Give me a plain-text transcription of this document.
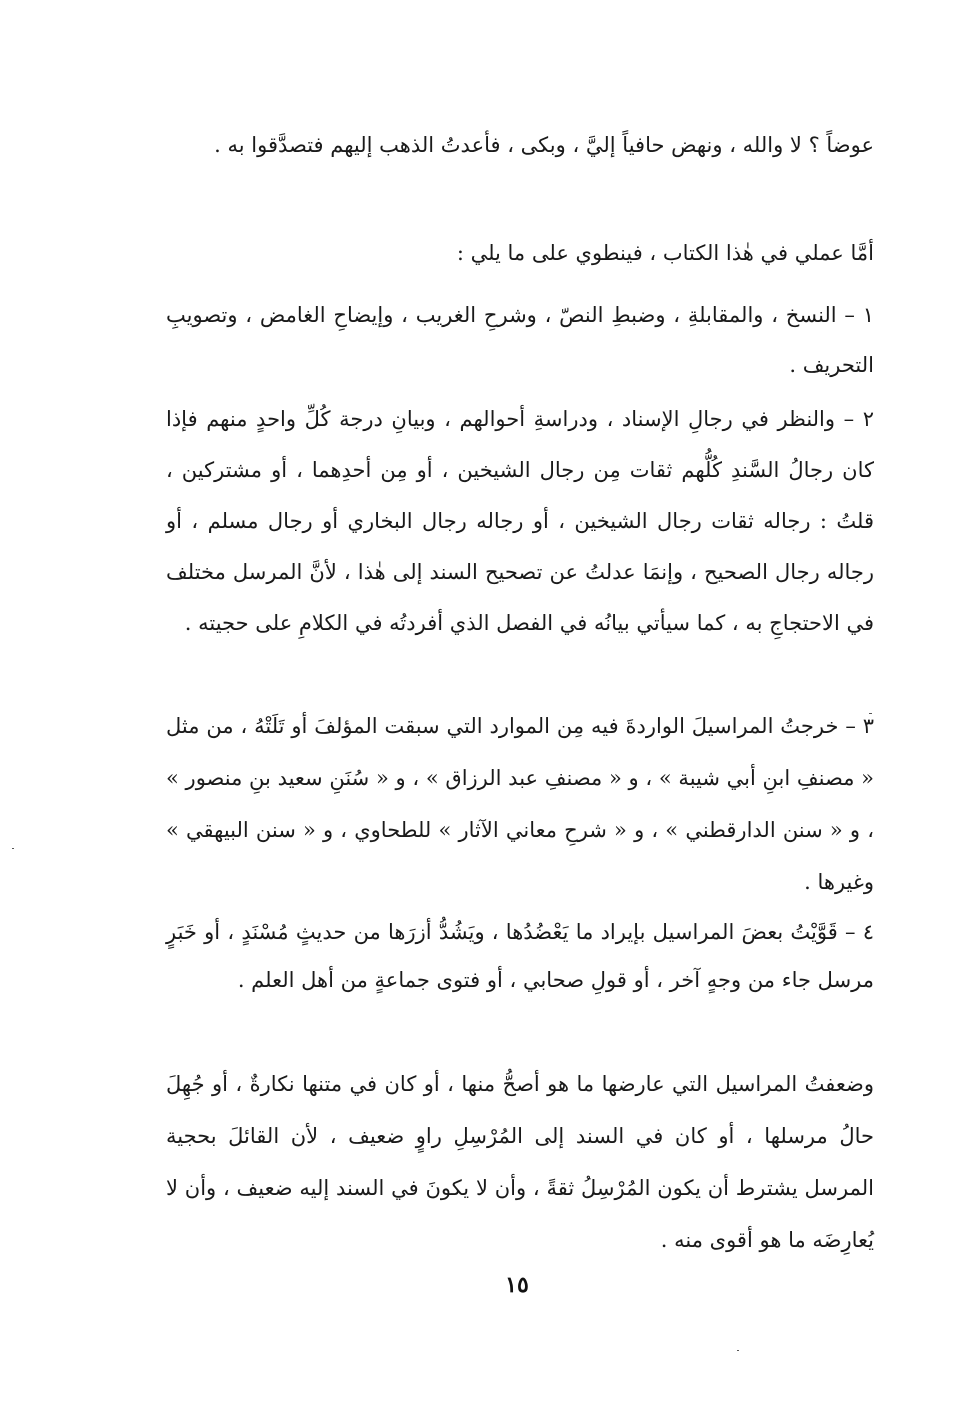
عوضاً ؟ لا والله ، ونهض حافياً إليَّ ، وبكى ، فأعدتُ الذهب إليهم فتصدَّقوا به .

أمَّا عملي في هٰذا الكتاب ، فينطوي على ما يلي :

١ – النسخ ، والمقابلةِ ، وضبطِ النصّ ، وشرحِ الغريب ، وإيضاحِ الغامض ، وتصويبِ التحريف .

٢ – والنظر في رجالِ الإسناد ، ودراسةِ أحوالهم ، وبيانِ درجة كُلِّ واحدٍ منهم فإذا كان رجالُ السَّندِ كُلُّهم ثقات مِن رجال الشيخين ، أو مِن أحدِهما ، أو مشتركين ، قلتُ : رجاله ثقات رجال الشيخين ، أو رجاله رجال البخاري أو رجال مسلم ، أو رجاله رجال الصحيح ، وإنمَا عدلتُ عن تصحيح السند إلى هٰذا ، لأنَّ المرسل مختلف في الاحتجاجِ به ، كما سيأتي بيانُه في الفصل الذي أفردتُه في الكلامِ على حجيته .

٣ – خرجتُ المراسيلَ الواردةَ فيه مِن الموارد التي سبقت المؤلفَ أو تَلَتْهُ ، من مثل « مصنفِ ابنِ أبي شيبة » ، و « مصنفِ عبد الرزاق » ، و « سُنَنِ سعيد بنِ منصور » ، و « سنن الدارقطني » ، و « شرحِ معاني الآثار » للطحاوي ، و « سنن البيهقي » وغيرها .

٤ – قَوَّيْتُ بعضَ المراسيل بإيراد ما يَعْضُدُها ، ويَشُدُّ أزرَها من حديثٍ مُسْنَدٍ ، أو خَبَرٍ مرسل جاء من وجهٍ آخر ، أو قولِ صحابي ، أو فتوى جماعةٍ من أهل العلم .

وضعفتُ المراسيل التي عارضها ما هو أصحُّ منها ، أو كان في متنها نكارةٌ ، أو جُهِلَ حالُ مرسلها ، أو كان في السند إلى المُرْسِلِ راوٍ ضعيف ، لأن القائلَ بحجية المرسل يشترط أن يكون المُرْسِلُ ثقةً ، وأن لا يكونَ في السند إليه ضعيف ، وأن لا يُعارِضَه ما هو أقوى منه .

١٥
